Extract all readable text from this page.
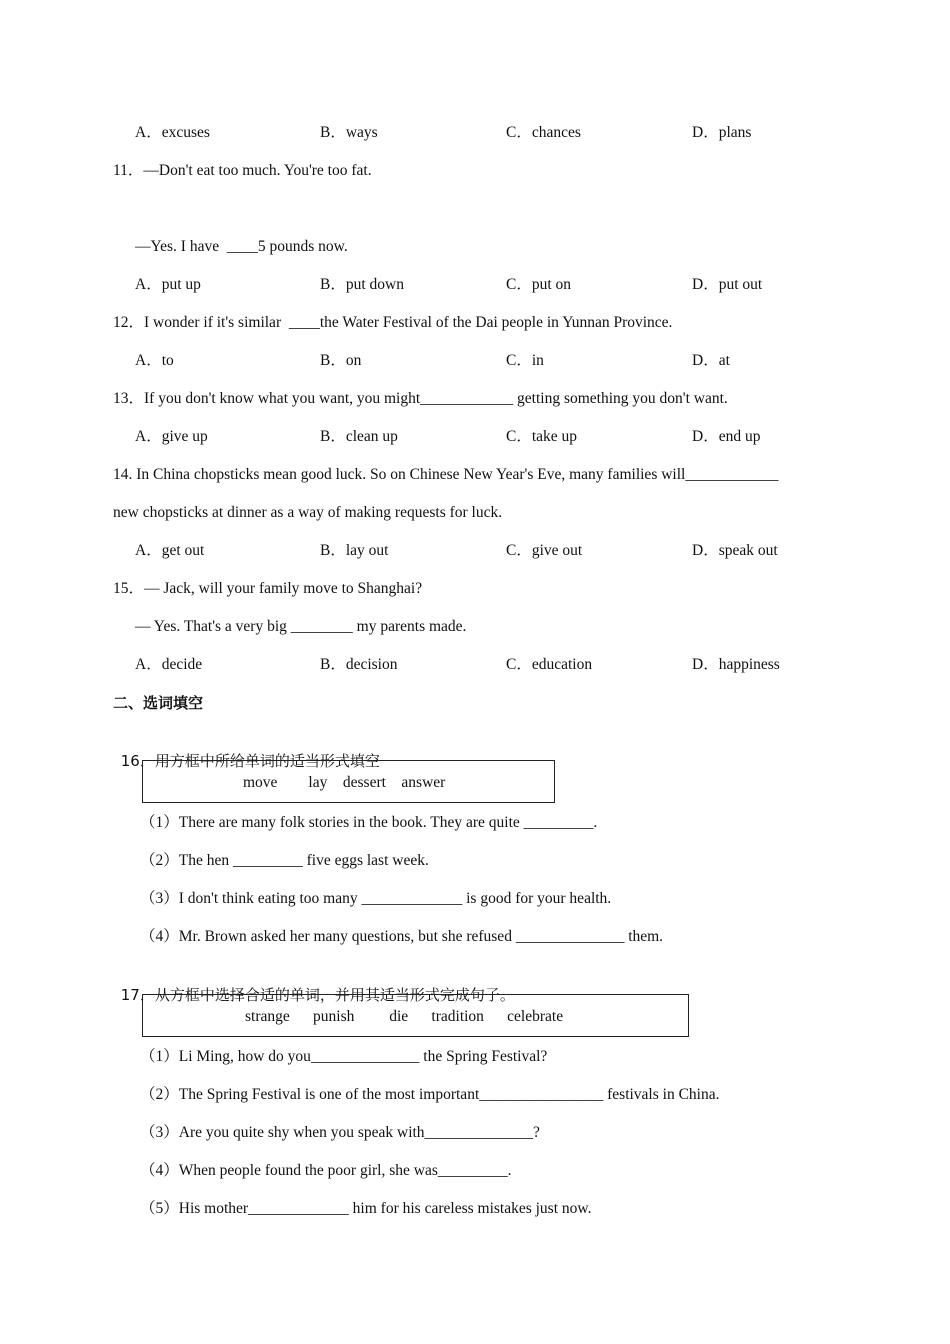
A．excuses	B．ways	C．chances	D．plans
11．—Don't eat too much. You're too fat.
—Yes. I have  ____5 pounds now.
A．put up	B．put down	C．put on	D．put out
12．I wonder if it's similar  ____the Water Festival of the Dai people in Yunnan Province.
A．to	B．on	C．in	D．at
13．If you don't know what you want, you might____________ getting something you don't want.
A．give up	B．clean up	C．take up	D．end up
14. In China chopsticks mean good luck. So on Chinese New Year's Eve, many families will____________
new chopsticks at dinner as a way of making requests for luck.
A．get out	B．lay out	C．give out	D．speak out
15．— Jack, will your family move to Shanghai?
— Yes. That's a very big ________ my parents made.
A．decide	B．decision	C．education	D．happiness
二、选词填空

16．用方框中所给单词的适当形式填空

move        lay    dessert    answer
（1）There are many folk stories in the book. They are quite _________.
（2）The hen _________ five eggs last week.
（3）I don't think eating too many _____________ is good for your health.
（4）Mr. Brown asked her many questions, but she refused ______________ them.

17．从方框中选择合适的单词，并用其适当形式完成句子。

strange      punish         die      tradition      celebrate
（1）Li Ming, how do you______________ the Spring Festival?
（2）The Spring Festival is one of the most important________________ festivals in China.
（3）Are you quite shy when you speak with______________?
（4）When people found the poor girl, she was_________.
（5）His mother_____________ him for his careless mistakes just now.
